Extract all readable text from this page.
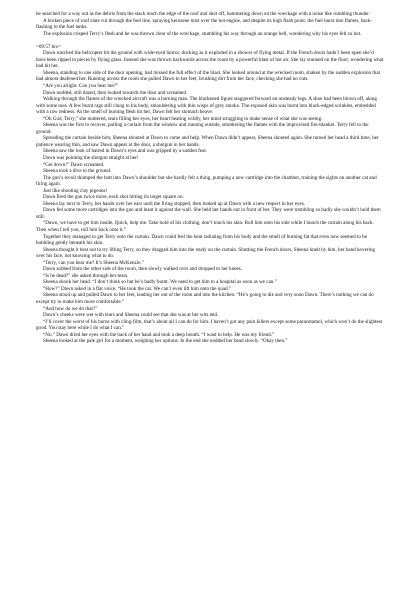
he searched for a way out as the debris from the stack reach the edge of the roof and shot off, hammering down on the wreckage with a noise like rumbling thunder.

A broken piece of roof slate cut through the fuel line, spraying kerosene mist over the hot engine, and despite its high flash point, the fuel burst into flames, back-flashing to the fuel tanks.

The explosion crisped Terry’s flesh and he was thrown clear of the wreckage, stumbling his way through an orange hell, wondering why his eyes felt so hot.

=09:57 hrs=

Dawn watched the helicopter hit the ground with wide-eyed horror, ducking as it exploded in a shower of flying metal. If the French doors hadn’t been open she’d have been ripped to pieces by flying glass. Instead she was thrown backwards across the room by a powerful blast of hot air. She lay stunned on the floor, wondering what had hit her.

Sheena, standing to one side of the door opening, had missed the full effect of the blast. She looked around at the wrecked room, shaken by the sudden explosion that had almost deafened her. Running across the room she pulled Dawn to her feet, brushing dirt from her face, checking she had no cuts.

“Are you alright. Can you hear me?”

Dawn nodded, still dazed, then looked towards the door and screamed.

Walking through the flames of the wrecked aircraft was a burning man. The blackened figure staggered forward on unsteady legs. A shoe had been blown off, along with some toes. A few burnt rags still clung to his body, smouldering with thin wisps of grey smoke. The exposed skin was burnt into black-edged wrinkles, embedded with a raw redness. As the smell of burning flesh hit her, Dawn felt her stomach heave.

“Oh God, Terry,” she muttered, tears filling her eyes, her heart beating wildly, her mind struggling to make sense of what she was seeing.

Sheena was the first to recover, pulling a curtain from the window and running outside, smothering the flames with the improvised fire-blanket. Terry fell to the ground.

Spreading the curtain beside him, Sheena shouted at Dawn to come and help. When Dawn didn’t appear, Sheena shouted again. She turned her head a third time, her patience wearing thin, and saw Dawn appear at the door, a shotgun in her hands.

Sheena saw the look of hatred in Dawn’s eyes and was gripped by a sudden fear.

Dawn was pointing the shotgun straight at her!

“Get down!” Dawn screamed.

Sheena took a dive to the ground.

The gun’s recoil thumped the butt into Dawn’s shoulder but she hardly felt a thing, pumping a new cartridge into the chamber, training the sights on another cat and firing again.

Just like shooting clay pigeons!

Dawn fired the gun twice more, each shot hitting its target square on.

Sheena lay next to Terry, her hands over her ears until the firing stopped, then looked up at Dawn with a new respect in her eyes.

Dawn fed some more cartridges into the gun and leant it against the wall. She held her hands out in front of her. They were trembling so badly she couldn’t hold them still.

“Dawn, we have to get him inside. Quick, help me. Take hold of his clothing, don’t touch his skin. Roll him onto his side while I bunch the curtain along his back. Then when I tell you, roll him back onto it.”

Together they managed to get Terry onto the curtain. Dawn could feel the heat radiating from his body and the smell of burning fat that even now seemed to be bubbling gently beneath his skin.

Sheena thought it best not to try lifting Terry, so they dragged him into the study on the curtain. Shutting the French doors, Sheena knelt by him, her hand hovering over his face, not knowing what to do.

“Terry, can you hear me? It’s Sheena McKenzie.”

Dawn sobbed from the other side of the room, then slowly walked over and dropped to her knees.

“Is he dead?” she asked through her tears.

Sheena shook her head. “I don’t think so but he’s badly burnt. We need to get him to a hospital as soon as we can.”

“How?” Dawn asked in a flat voice. “He took the car. We can’t even lift him onto the quad.”

Sheena stood up and pulled Dawn to her feet, leading her out of the room and into the kitchen. “He’s going to die and very soon Dawn. There’s nothing we can do except try to make him more comfortable.”

“And how do we do that?”

Dawn’s cheeks were wet with tears and Sheena could see that she was at her wits end.

“I’ll cover the worst of his burns with cling-film, that’s about all I can do for him. I haven’t got any pain killers except some paracetamol, which won’t do the slightest good. You stay here while I do what I can.”

“No.” Dawn dried her eyes with the back of her hand and took a deep breath. “I want to help. He was my friend.”

Sheena looked at the pale girl for a moment, weighing her options. In the end she nodded her head slowly. “Okay then.”
